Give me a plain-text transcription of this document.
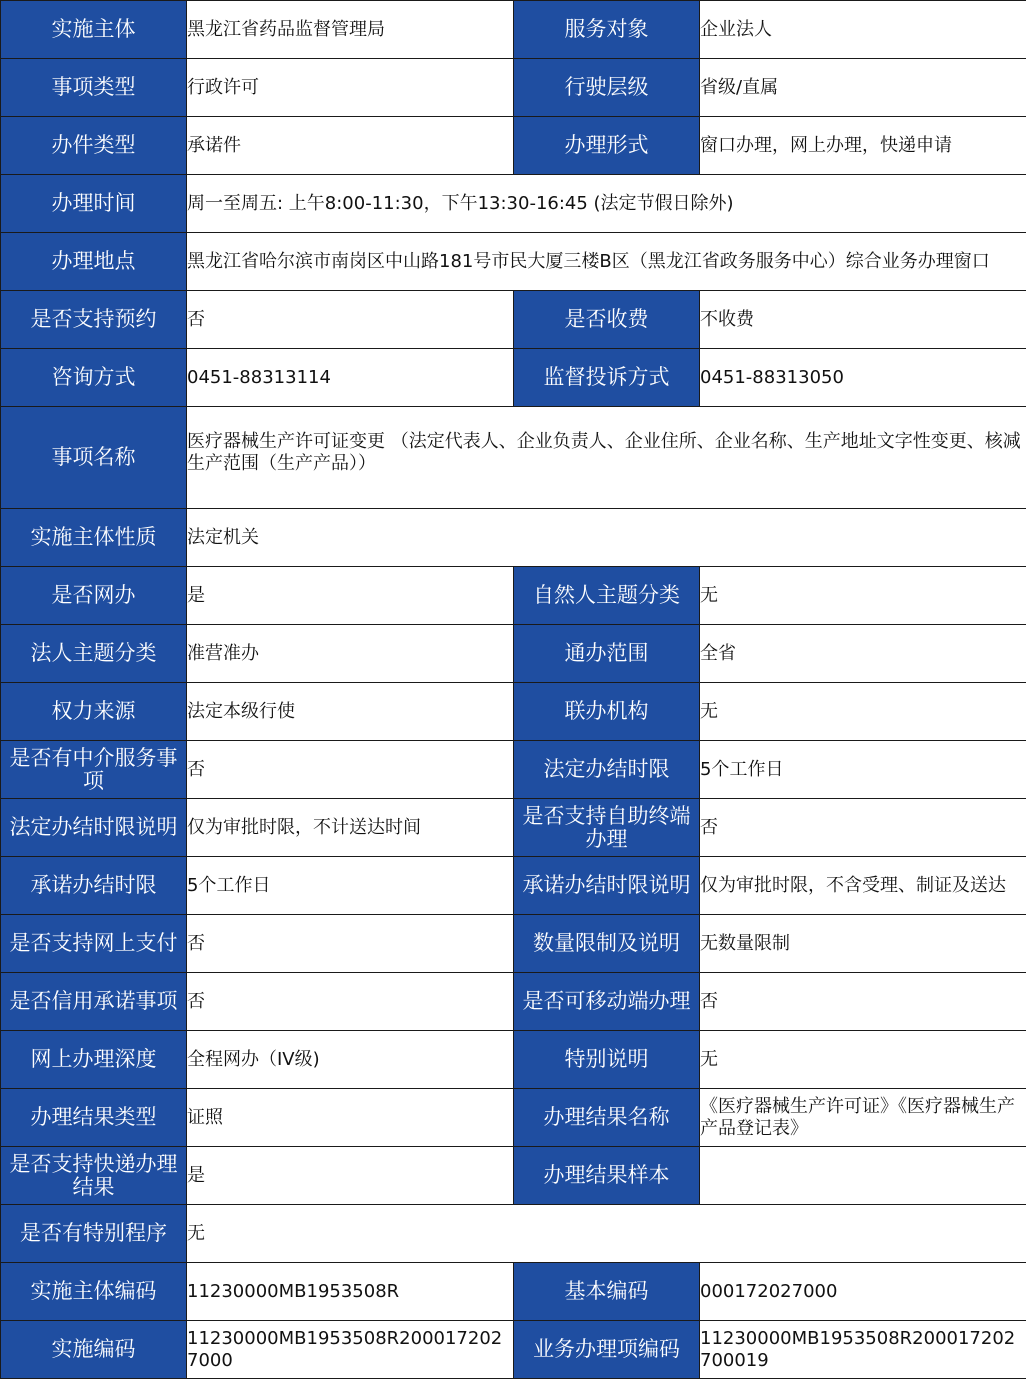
实施主体	黑龙江省药品监督管理局	服务对象	企业法人
事项类型	行政许可	行驶层级	省级/直属
办件类型	承诺件	办理形式	窗口办理，网上办理，快递申请
办理时间	周一至周五: 上午8:00-11:30，下午13:30-16:45 (法定节假日除外)		
办理地点	黑龙江省哈尔滨市南岗区中山路181号市民大厦三楼B区（黑龙江省政务服务中心）综合业务办理窗口		
是否支持预约	否	是否收费	不收费
咨询方式	0451-88313114	监督投诉方式	0451-88313050
事项名称	医疗器械生产许可证变更 （法定代表人、企业负责人、企业住所、企业名称、生产地址文字性变更、核减生产范围（生产产品））		
实施主体性质	法定机关		
是否网办	是	自然人主题分类	无
法人主题分类	准营准办	通办范围	全省
权力来源	法定本级行使	联办机构	无
是否有中介服务事项	否	法定办结时限	5个工作日
法定办结时限说明	仅为审批时限，不计送达时间	是否支持自助终端办理	否
承诺办结时限	5个工作日	承诺办结时限说明	仅为审批时限，不含受理、制证及送达
是否支持网上支付	否	数量限制及说明	无数量限制
是否信用承诺事项	否	是否可移动端办理	否
网上办理深度	全程网办（IV级)	特别说明	无
办理结果类型	证照	办理结果名称	《医疗器械生产许可证》《医疗器械生产产品登记表》
是否支持快递办理结果	是	办理结果样本	
是否有特别程序	无		
实施主体编码	11230000MB1953508R	基本编码	000172027000
实施编码	11230000MB1953508R2000172027000	业务办理项编码	11230000MB1953508R200017202700019
